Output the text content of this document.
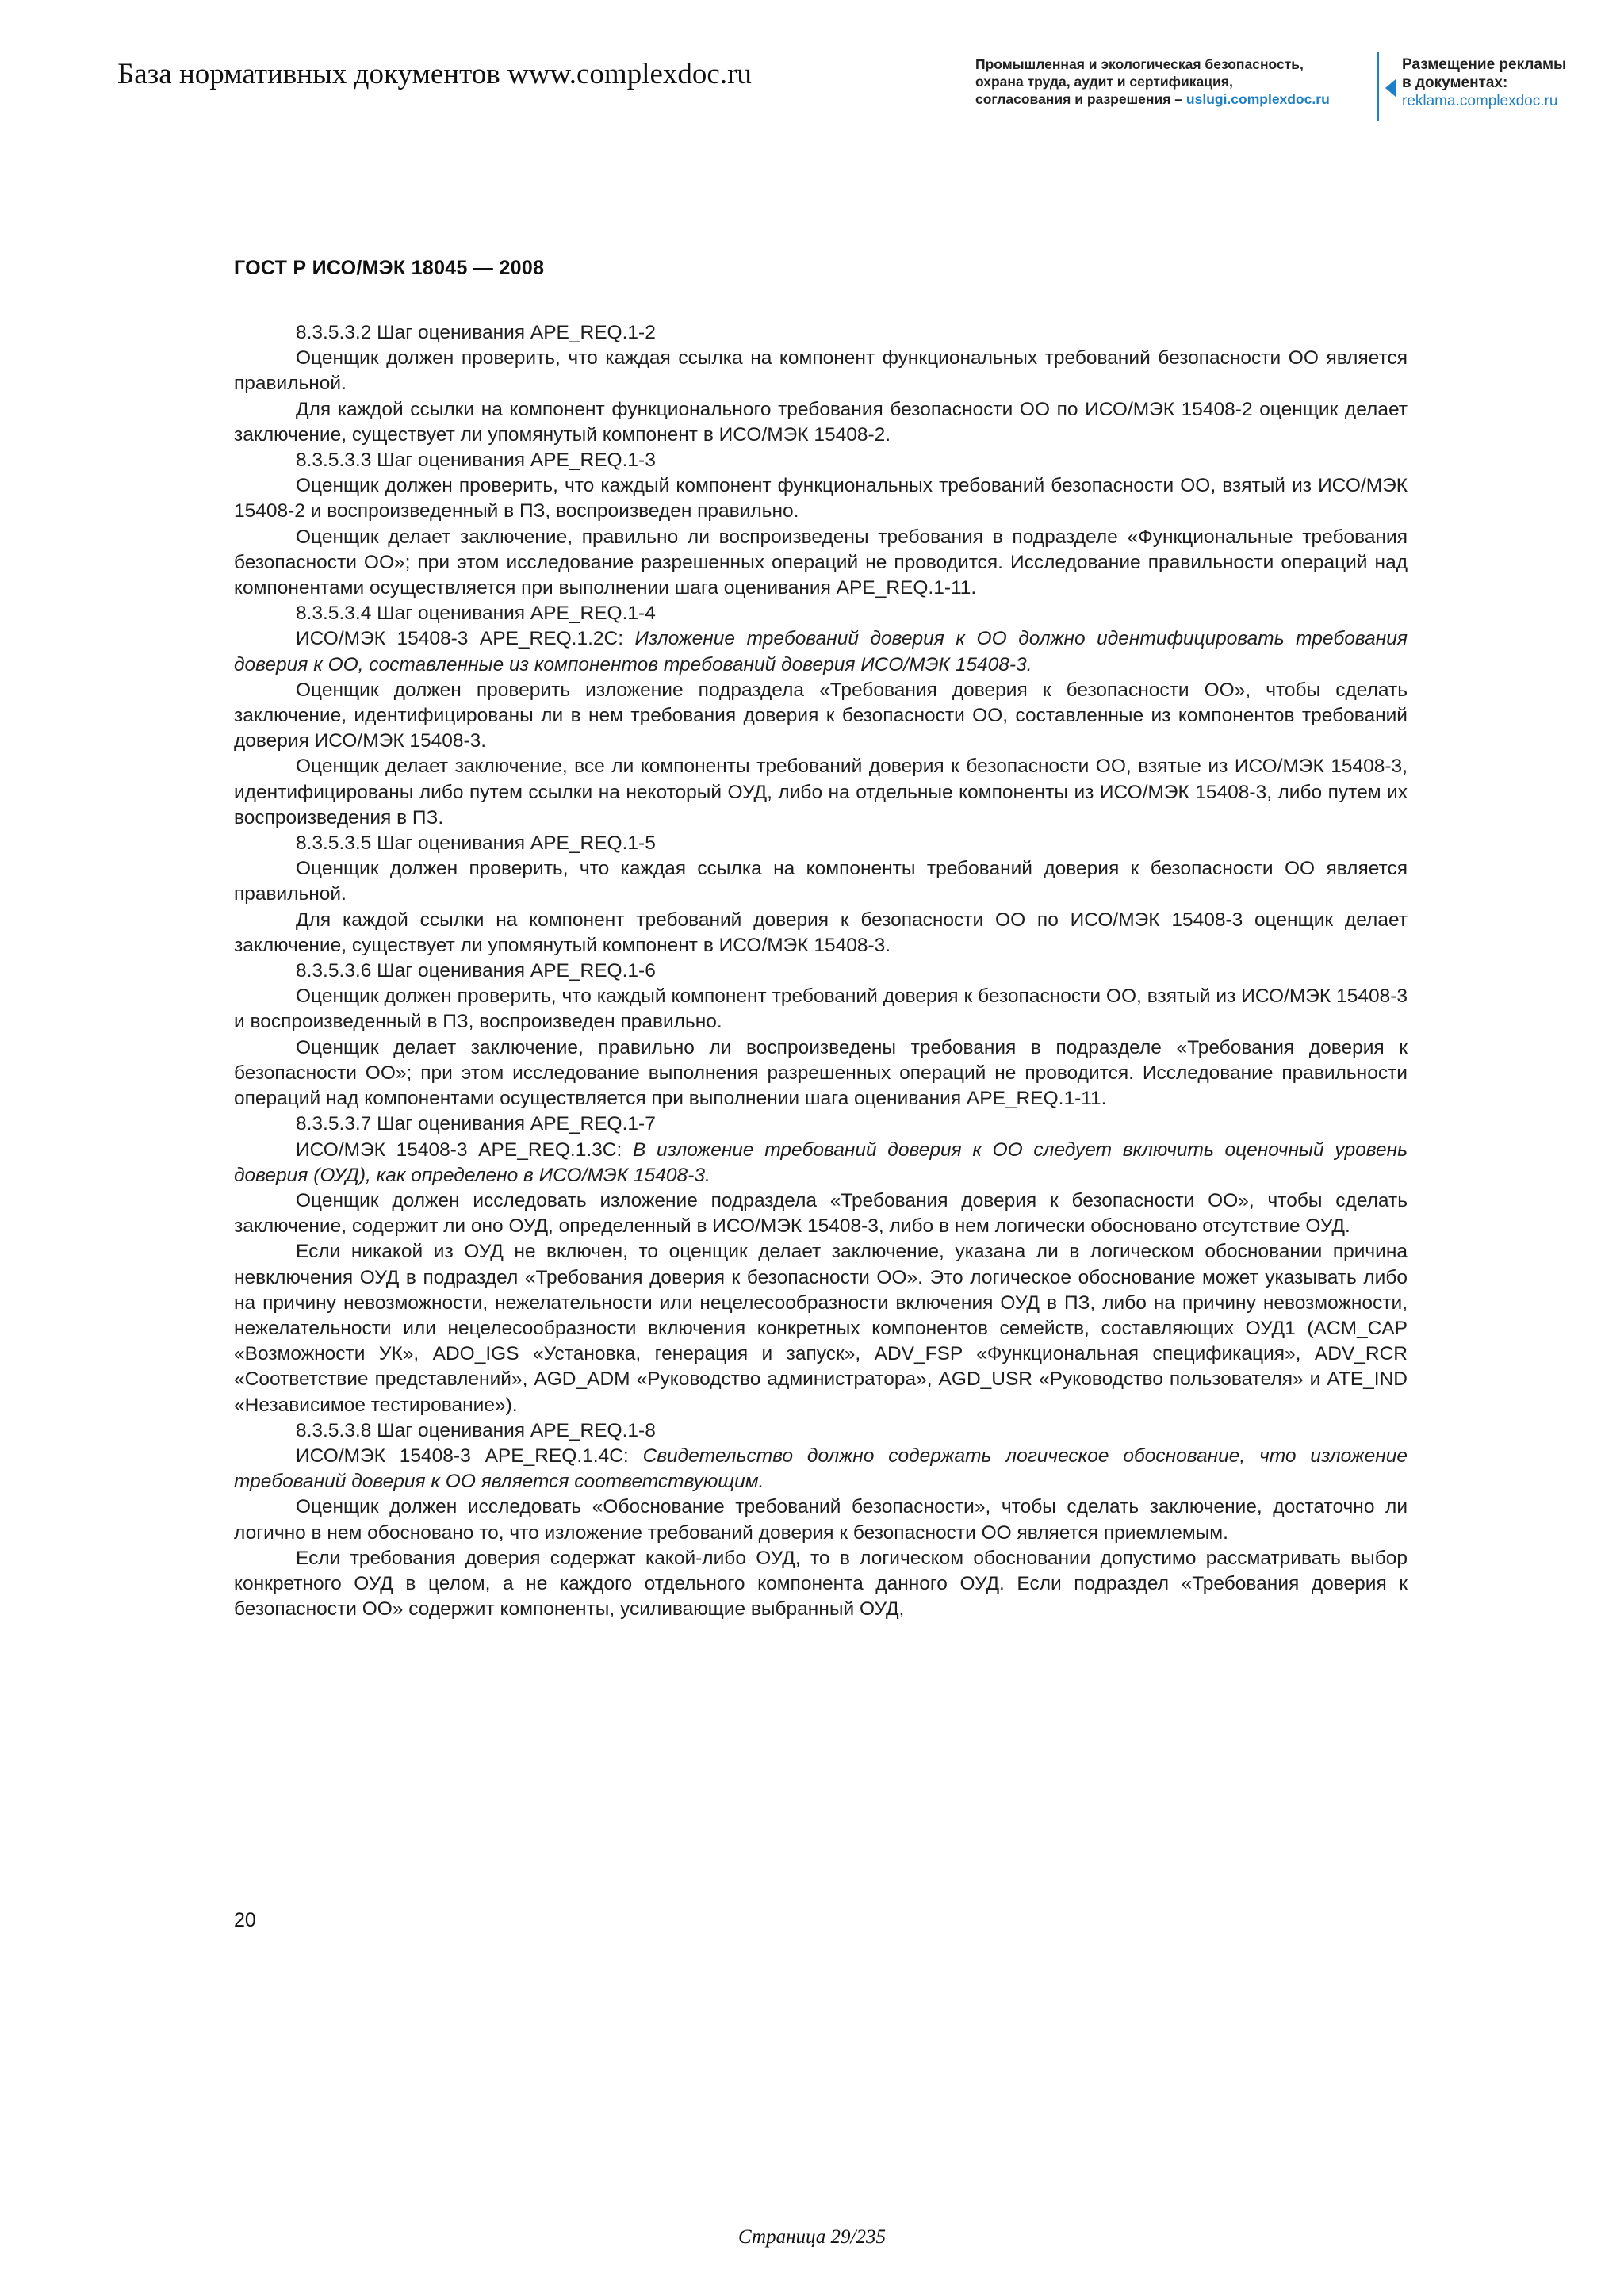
База нормативных документов www.complexdoc.ru	Промышленная и экологическая безопасность,
охрана труда, аудит и сертификация,
согласования и разрешения – uslugi.complexdoc.ru
Размещение рекламы
в документах:
reklama.complexdoc.ru
ГОСТ Р ИСО/МЭК 18045 — 2008

8.3.5.3.2 Шаг оценивания APE_REQ.1-2

Оценщик должен проверить, что каждая ссылка на компонент функциональных требований безопасности ОО является правильной.

Для каждой ссылки на компонент функционального требования безопасности ОО по ИСО/МЭК 15408-2 оценщик делает заключение, существует ли упомянутый компонент в ИСО/МЭК 15408-2.

8.3.5.3.3 Шаг оценивания APE_REQ.1-3

Оценщик должен проверить, что каждый компонент функциональных требований безопасности ОО, взятый из ИСО/МЭК 15408-2 и воспроизведенный в ПЗ, воспроизведен правильно.

Оценщик делает заключение, правильно ли воспроизведены требования в подразделе «Функциональные требования безопасности ОО»; при этом исследование разрешенных операций не проводится. Исследование правильности операций над компонентами осуществляется при выполнении шага оценивания APE_REQ.1-11.

8.3.5.3.4 Шаг оценивания APE_REQ.1-4

ИСО/МЭК 15408-3 APE_REQ.1.2C: Изложение требований доверия к ОО должно идентифицировать требования доверия к ОО, составленные из компонентов требований доверия ИСО/МЭК 15408-3.

Оценщик должен проверить изложение подраздела «Требования доверия к безопасности ОО», чтобы сделать заключение, идентифицированы ли в нем требования доверия к безопасности ОО, составленные из компонентов требований доверия ИСО/МЭК 15408-3.

Оценщик делает заключение, все ли компоненты требований доверия к безопасности ОО, взятые из ИСО/МЭК 15408-3, идентифицированы либо путем ссылки на некоторый ОУД, либо на отдельные компоненты из ИСО/МЭК 15408-3, либо путем их воспроизведения в ПЗ.

8.3.5.3.5 Шаг оценивания APE_REQ.1-5

Оценщик должен проверить, что каждая ссылка на компоненты требований доверия к безопасности ОО является правильной.

Для каждой ссылки на компонент требований доверия к безопасности ОО по ИСО/МЭК 15408-3 оценщик делает заключение, существует ли упомянутый компонент в ИСО/МЭК 15408-3.

8.3.5.3.6 Шаг оценивания APE_REQ.1-6

Оценщик должен проверить, что каждый компонент требований доверия к безопасности ОО, взятый из ИСО/МЭК 15408-3 и воспроизведенный в ПЗ, воспроизведен правильно.

Оценщик делает заключение, правильно ли воспроизведены требования в подразделе «Требования доверия к безопасности ОО»; при этом исследование выполнения разрешенных операций не проводится. Исследование правильности операций над компонентами осуществляется при выполнении шага оценивания APE_REQ.1-11.

8.3.5.3.7 Шаг оценивания APE_REQ.1-7

ИСО/МЭК 15408-3 APE_REQ.1.3C: В изложение требований доверия к ОО следует включить оценочный уровень доверия (ОУД), как определено в ИСО/МЭК 15408-3.

Оценщик должен исследовать изложение подраздела «Требования доверия к безопасности ОО», чтобы сделать заключение, содержит ли оно ОУД, определенный в ИСО/МЭК 15408-3, либо в нем логически обосновано отсутствие ОУД.

Если никакой из ОУД не включен, то оценщик делает заключение, указана ли в логическом обосновании причина невключения ОУД в подраздел «Требования доверия к безопасности ОО». Это логическое обоснование может указывать либо на причину невозможности, нежелательности или нецелесообразности включения ОУД в ПЗ, либо на причину невозможности, нежелательности или нецелесообразности включения конкретных компонентов семейств, составляющих ОУД1 (ACM_CAP «Возможности УК», ADO_IGS «Установка, генерация и запуск», ADV_FSP «Функциональная спецификация», ADV_RCR «Соответствие представлений», AGD_ADM «Руководство администратора», AGD_USR «Руководство пользователя» и ATE_IND «Независимое тестирование»).

8.3.5.3.8 Шаг оценивания APE_REQ.1-8

ИСО/МЭК 15408-3 APE_REQ.1.4C: Свидетельство должно содержать логическое обоснование, что изложение требований доверия к ОО является соответствующим.

Оценщик должен исследовать «Обоснование требований безопасности», чтобы сделать заключение, достаточно ли логично в нем обосновано то, что изложение требований доверия к безопасности ОО является приемлемым.

Если требования доверия содержат какой-либо ОУД, то в логическом обосновании допустимо рассматривать выбор конкретного ОУД в целом, а не каждого отдельного компонента данного ОУД. Если подраздел «Требования доверия к безопасности ОО» содержит компоненты, усиливающие выбранный ОУД,

20
Страница 29/235
